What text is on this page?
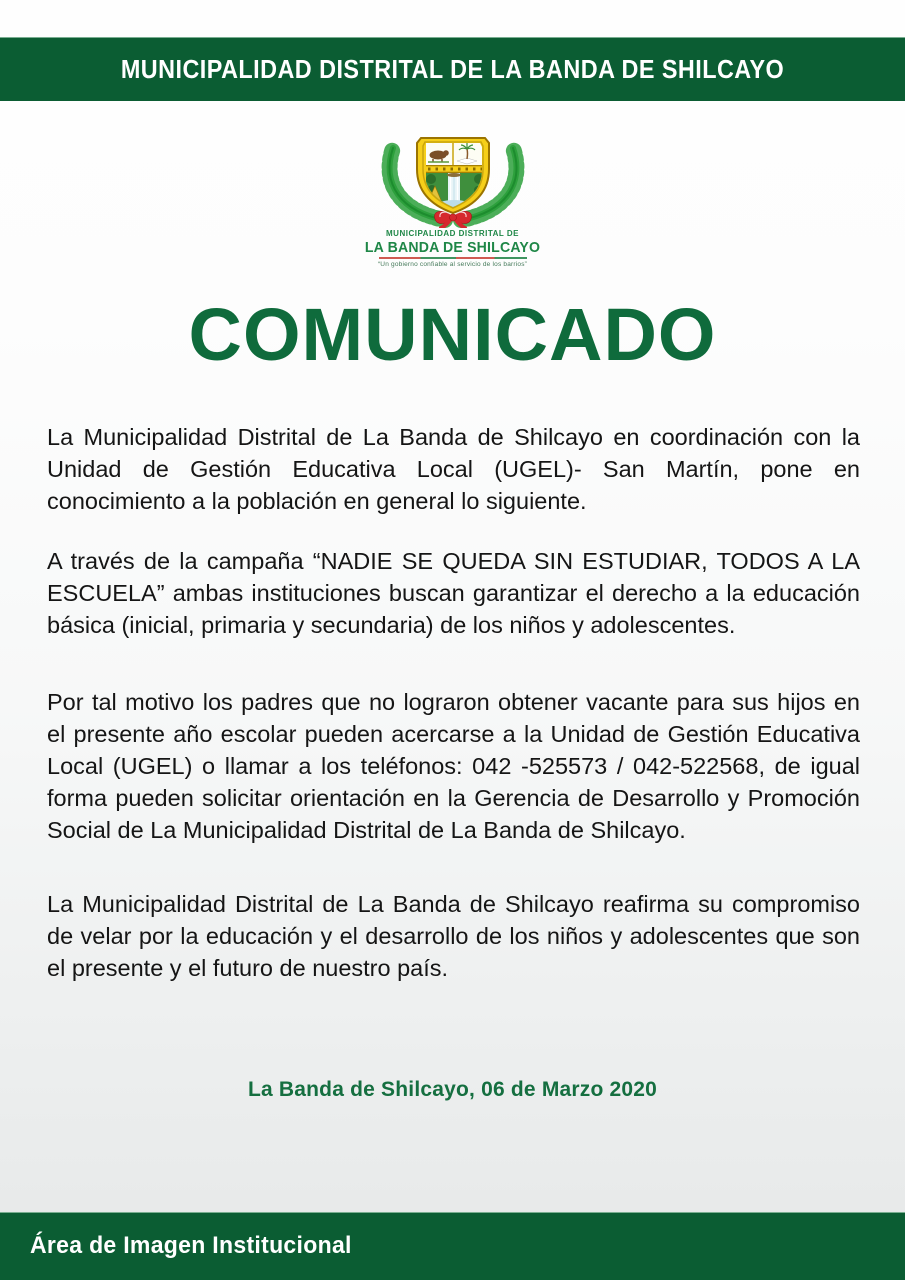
MUNICIPALIDAD DISTRITAL DE LA BANDA DE SHILCAYO
MUNICIPALIDAD DISTRITAL DE
LA BANDA DE SHILCAYO
“Un gobierno confiable al servicio de los barrios”
COMUNICADO

La Municipalidad Distrital de La Banda de Shilcayo en coordinación con la Unidad de Gestión Educativa Local (UGEL)- San Martín, pone en conocimiento a la población en general lo siguiente.

A través de la campaña “NADIE SE QUEDA SIN ESTUDIAR, TODOS A LA ESCUELA” ambas instituciones buscan garantizar el derecho a la educación básica (inicial, primaria y secundaria) de los niños y adolescentes.

Por tal motivo los padres que no lograron obtener vacante para sus hijos en el presente año escolar pueden acercarse a la Unidad de Gestión Educativa Local (UGEL) o llamar a los teléfonos: 042 -525573 / 042-522568, de igual forma pueden solicitar orientación en la Gerencia de Desarrollo y Promoción Social de La Municipalidad Distrital de La Banda de Shilcayo.

La Municipalidad Distrital de La Banda de Shilcayo reafirma su compromiso de velar por la educación y el desarrollo de los niños y adolescentes que son el presente y el futuro de nuestro país.

La Banda de Shilcayo, 06 de Marzo 2020
Área de Imagen Institucional
